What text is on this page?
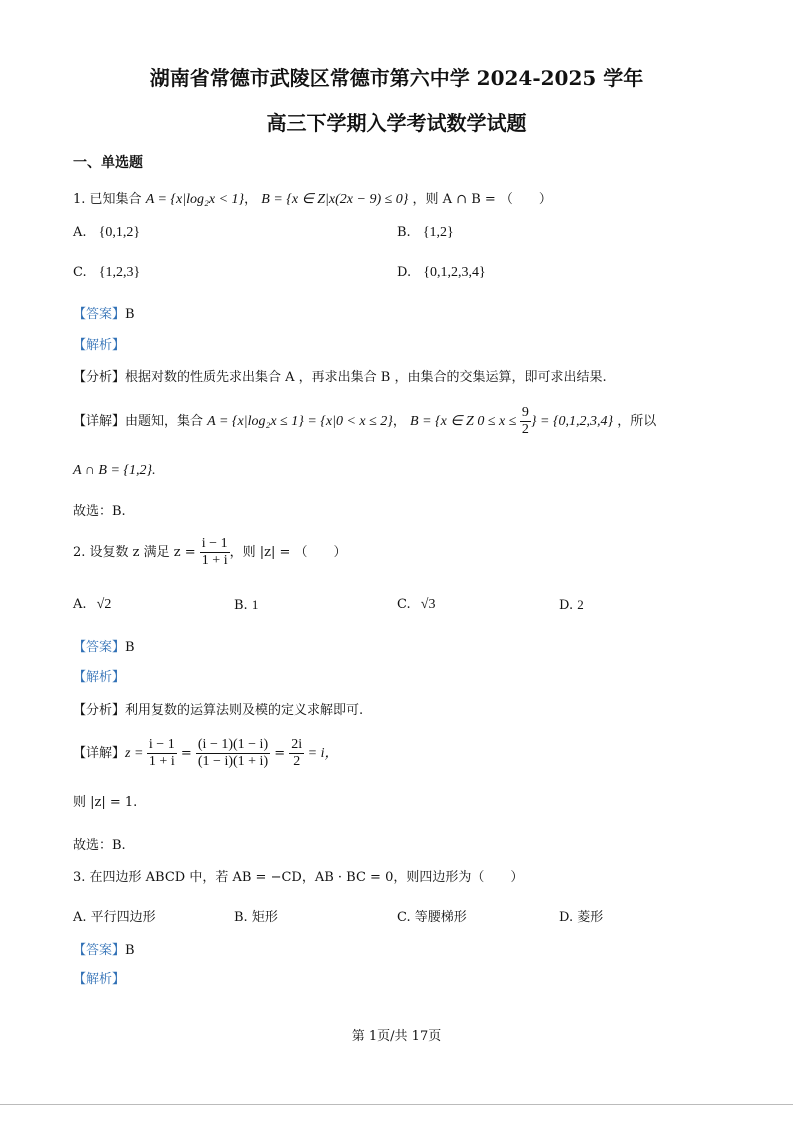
湖南省常德市武陵区常德市第六中学 2024-2025 学年
高三下学期入学考试数学试题
一、单选题
1. 已知集合 A = {x|log₂x < 1}， B = {x ∈ Z|x(2x − 9) ≤ 0} ，则 A ∩ B = （　　）
A. {0,1,2}	B. {1,2}
C. {1,2,3}	D. {0,1,2,3,4}
【答案】B
【解析】
【分析】根据对数的性质先求出集合 A ，再求出集合 B ，由集合的交集运算，即可求出结果.
【详解】由题知，集合 A = {x|log₂x ≤ 1} = {x|0 < x ≤ 2}， B = {x ∈ Z $0 \le x \le \frac{9}{2}$ } = {0,1,2,3,4} ，所以
A ∩ B = {1,2}.
故选：B.
2. 设复数 z 满足 $z = \frac{i - 1}{1 + i}$ ，则 |z| = （　　）
A. √2	B. 1	C. √3	D. 2
【答案】B
【解析】
【分析】利用复数的运算法则及模的定义求解即可.
【详解】$z = \frac{i - 1}{1 + i} = \frac{(i - 1)(1 - i)}{(1 - i)(1 + i)} = \frac{2i}{2} = i$，
则 |z| = 1.
故选：B.
3. 在四边形 ABCD 中，若 AB = −CD，AB · BC = 0，则四边形为（　　）
A. 平行四边形	B. 矩形	C. 等腰梯形	D. 菱形
【答案】B
【解析】
第 1页/共 17页
